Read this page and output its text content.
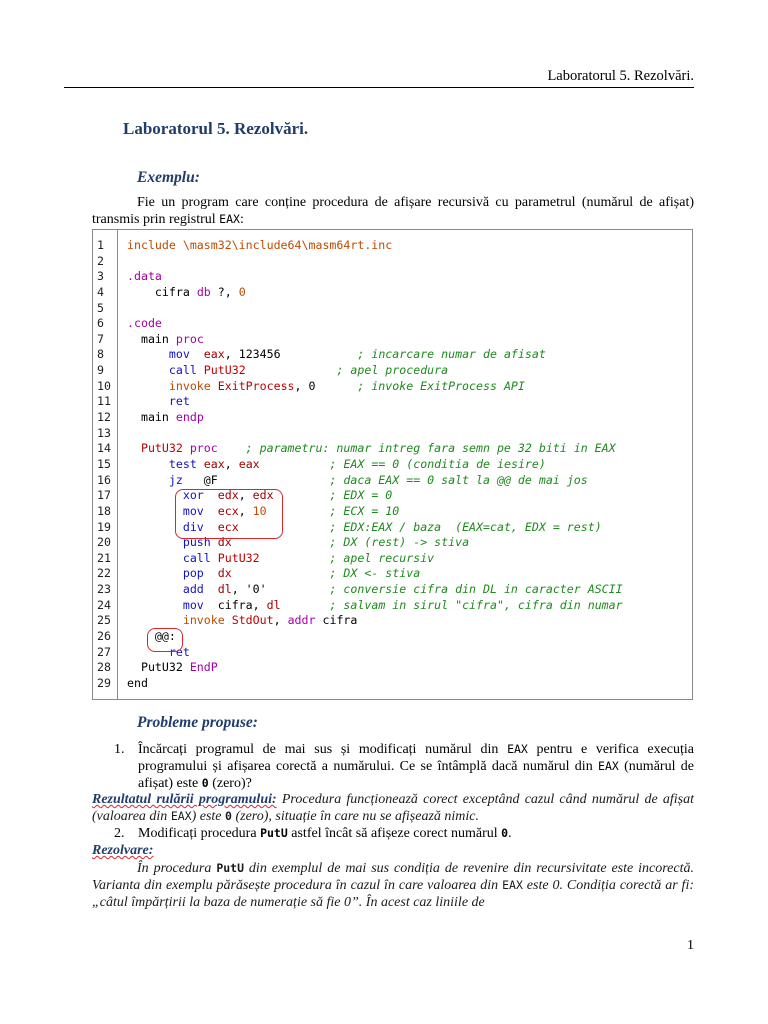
Laboratorul 5. Rezolvări.
Laboratorul 5. Rezolvări.
Exemplu:
Fie un program care conține procedura de afișare recursivă cu parametrul (numărul de afișat) transmis prin registrul EAX:
1	include \masm32\include64\masm64rt.inc
2
3	.data
4	cifra db ?, 0
5
6	.code
7	main proc
8	mov eax, 123456           ; incarcare numar de afisat
9	call PutU32	; apel procedura
10	invoke ExitProcess, 0      ; invoke ExitProcess API
11	ret
12	main endp
13
14	PutU32 proc ; parametru: numar intreg fara semn pe 32 biti in EAX
15	test eax, eax	; EAX == 0 (conditia de iesire)
16	jz   @F                ; daca EAX == 0 salt la @@ de mai jos
17	xor edx, edx	; EDX = 0
18	mov ecx, 10	; ECX = 10
19	div ecx	; EDX:EAX / baza  (EAX=cat, EDX = rest)
20	push dx	; DX (rest) -> stiva
21	call PutU32	; apel recursiv
22	pop dx	; DX <- stiva
23	add dl, '0'         ; conversie cifra din DL in caracter ASCII
24	mov  cifra, dl	; salvam in sirul "cifra", cifra din numar
25	invoke StdOut, addr cifra
26	@@:
27	ret
28	PutU32 EndP
29	end
Probleme propuse:
1. Încărcați programul de mai sus și modificați numărul din EAX pentru e verifica execuția programului și afișarea corectă a numărului. Ce se întâmplă dacă numărul din EAX (numărul de afișat) este 0 (zero)?
Rezultatul rulării programului: Procedura funcționează corect exceptând cazul când numărul de afișat (valoarea din EAX) este 0 (zero), situație în care nu se afișează nimic.
2. Modificați procedura PutU astfel încât să afișeze corect numărul 0.
Rezolvare:
În procedura PutU din exemplul de mai sus condiția de revenire din recursivitate este incorectă. Varianta din exemplu părăsește procedura în cazul în care valoarea din EAX este 0. Condiția corectă ar fi: „câtul împărțirii la baza de numerație să fie 0”. În acest caz liniile de
1
